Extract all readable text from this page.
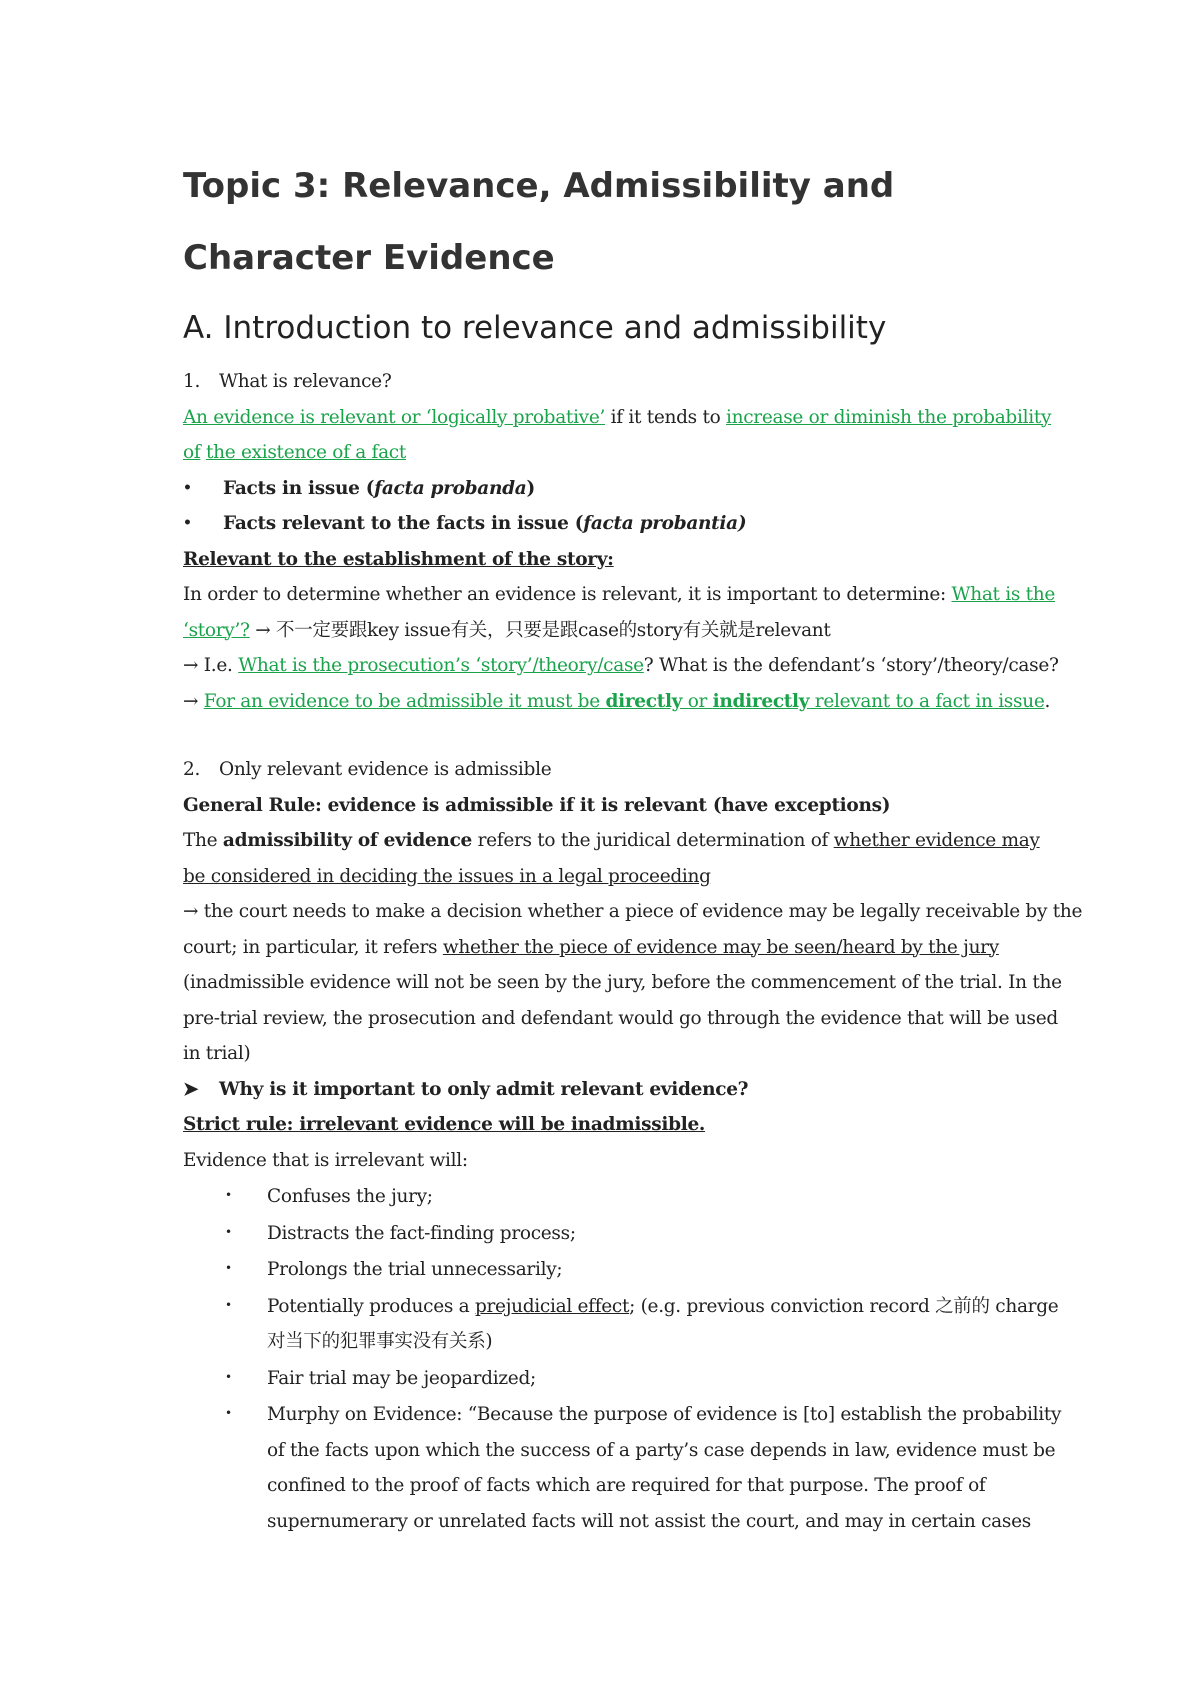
Topic 3: Relevance, Admissibility and
Character Evidence
A. Introduction to relevance and admissibility
1. What is relevance?
An evidence is relevant or ‘logically probative’ if it tends to increase or diminish the probability
of the existence of a fact
• Facts in issue (facta probanda)
• Facts relevant to the facts in issue (facta probantia)
Relevant to the establishment of the story:
In order to determine whether an evidence is relevant, it is important to determine: What is the
‘story’? → 不一定要跟key issue有关，只要是跟case的story有关就是relevant
→ I.e. What is the prosecution’s ‘story’/theory/case? What is the defendant’s ‘story’/theory/case?
→ For an evidence to be admissible it must be directly or indirectly relevant to a fact in issue.
2. Only relevant evidence is admissible
General Rule: evidence is admissible if it is relevant (have exceptions)
The admissibility of evidence refers to the juridical determination of whether evidence may
be considered in deciding the issues in a legal proceeding
→ the court needs to make a decision whether a piece of evidence may be legally receivable by the
court; in particular, it refers whether the piece of evidence may be seen/heard by the jury
(inadmissible evidence will not be seen by the jury, before the commencement of the trial. In the
pre-trial review, the prosecution and defendant would go through the evidence that will be used
in trial)
➤ Why is it important to only admit relevant evidence?
Strict rule: irrelevant evidence will be inadmissible.
Evidence that is irrelevant will:
• Confuses the jury;
• Distracts the fact-finding process;
• Prolongs the trial unnecessarily;
• Potentially produces a prejudicial effect; (e.g. previous conviction record 之前的 charge
对当下的犯罪事实没有关系)
• Fair trial may be jeopardized;
• Murphy on Evidence: “Because the purpose of evidence is [to] establish the probability
of the facts upon which the success of a party’s case depends in law, evidence must be
confined to the proof of facts which are required for that purpose. The proof of
supernumerary or unrelated facts will not assist the court, and may in certain cases
